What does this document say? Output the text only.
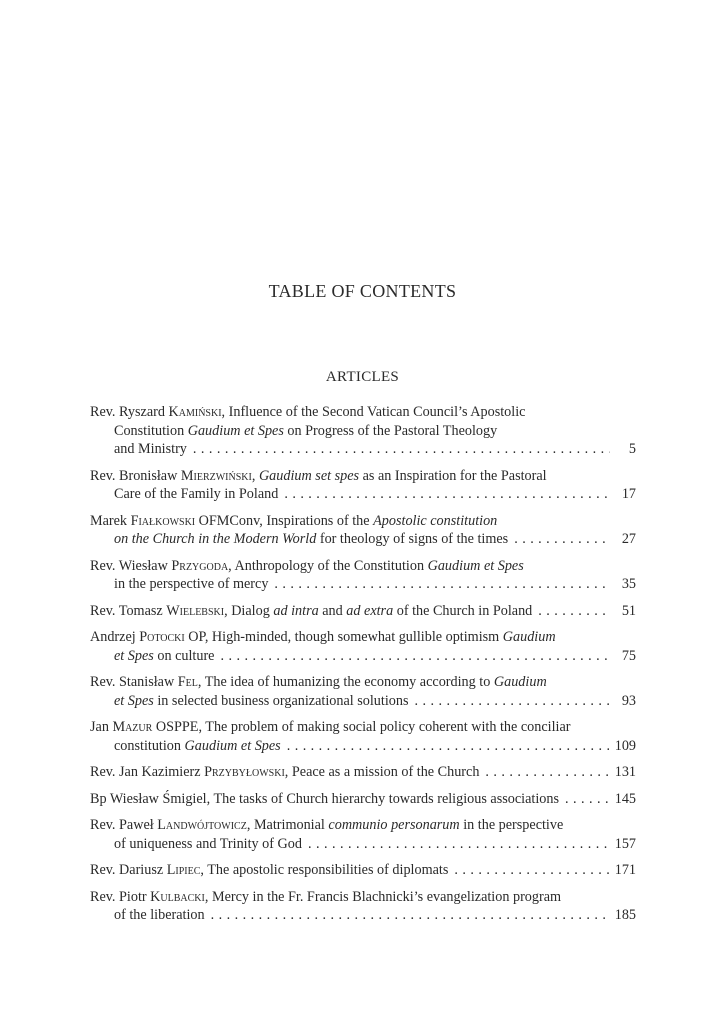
TABLE OF CONTENTS
ARTICLES
Rev. Ryszard Kamiński, Influence of the Second Vatican Council’s Apostolic
Constitution Gaudium et Spes on Progress of the Pastoral Theology
and Ministry . . .	5
Rev. Bronisław Mierzwiński, Gaudium set spes as an Inspiration for the Pastoral
Care of the Family in Poland . . .	17
Marek Fiałkowski OFMConv, Inspirations of the Apostolic constitution
on the Church in the Modern World for theology of signs of the times . . .	27
Rev. Wiesław Przygoda, Anthropology of the Constitution Gaudium et Spes
in the perspective of mercy . . .	35
Rev. Tomasz Wielebski, Dialog ad intra and ad extra of the Church in Poland . . .	51
Andrzej Potocki OP, High-minded, though somewhat gullible optimism Gaudium
et Spes on culture . . .	75
Rev. Stanisław Fel, The idea of humanizing the economy according to Gaudium
et Spes in selected business organizational solutions . . .	93
Jan Mazur OSPPE, The problem of making social policy coherent with the conciliar
constitution Gaudium et Spes . . .	109
Rev. Jan Kazimierz Przybyłowski, Peace as a mission of the Church . . .	131
Bp Wiesław Śmigiel, The tasks of Church hierarchy towards religious associations . . .	145
Rev. Paweł Landwójtowicz, Matrimonial communio personarum in the perspective
of uniqueness and Trinity of God . . .	157
Rev. Dariusz Lipiec, The apostolic responsibilities of diplomats . . .	171
Rev. Piotr Kulbacki, Mercy in the Fr. Francis Blachnicki’s evangelization program
of the liberation . . .	185
